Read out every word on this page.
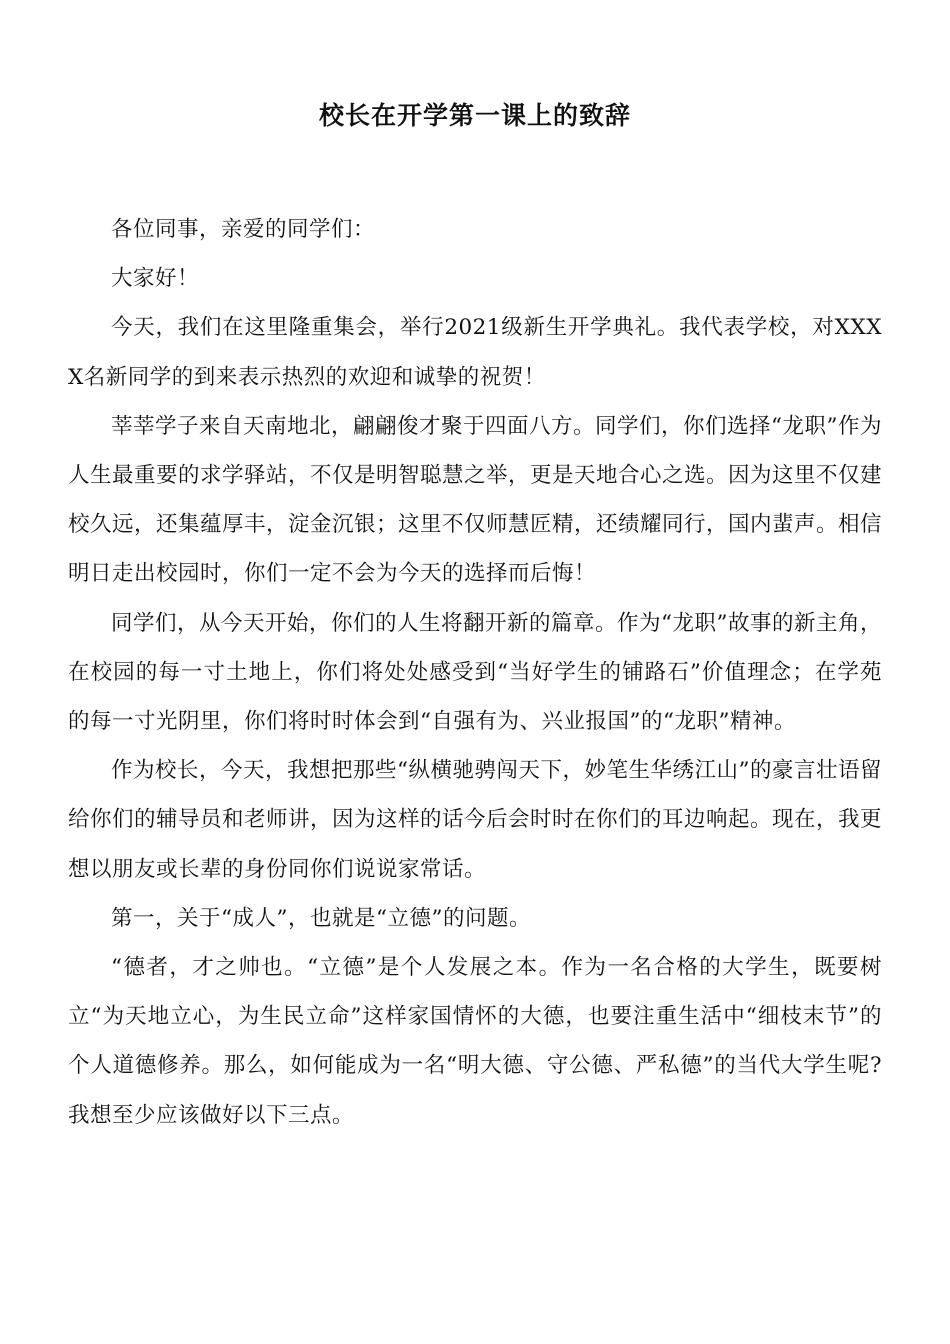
校长在开学第一课上的致辞

各位同事，亲爱的同学们：

大家好！

今天，我们在这里隆重集会，举行2021级新生开学典礼。我代表学校，对XXXX名新同学的到来表示热烈的欢迎和诚挚的祝贺！

莘莘学子来自天南地北，翩翩俊才聚于四面八方。同学们，你们选择“龙职”作为人生最重要的求学驿站，不仅是明智聪慧之举，更是天地合心之选。因为这里不仅建校久远，还集蕴厚丰，淀金沉银；这里不仅师慧匠精，还绩耀同行，国内蜚声。相信明日走出校园时，你们一定不会为今天的选择而后悔！

同学们，从今天开始，你们的人生将翻开新的篇章。作为“龙职”故事的新主角，在校园的每一寸土地上，你们将处处感受到“当好学生的铺路石”价值理念；在学苑的每一寸光阴里，你们将时时体会到“自强有为、兴业报国”的“龙职”精神。

作为校长，今天，我想把那些“纵横驰骋闯天下，妙笔生华绣江山”的豪言壮语留给你们的辅导员和老师讲，因为这样的话今后会时时在你们的耳边响起。现在，我更想以朋友或长辈的身份同你们说说家常话。

第一，关于“成人”，也就是“立德”的问题。

“德者，才之帅也。“立德”是个人发展之本。作为一名合格的大学生，既要树立“为天地立心，为生民立命”这样家国情怀的大德，也要注重生活中“细枝末节”的个人道德修养。那么，如何能成为一名“明大德、守公德、严私德”的当代大学生呢?我想至少应该做好以下三点。
